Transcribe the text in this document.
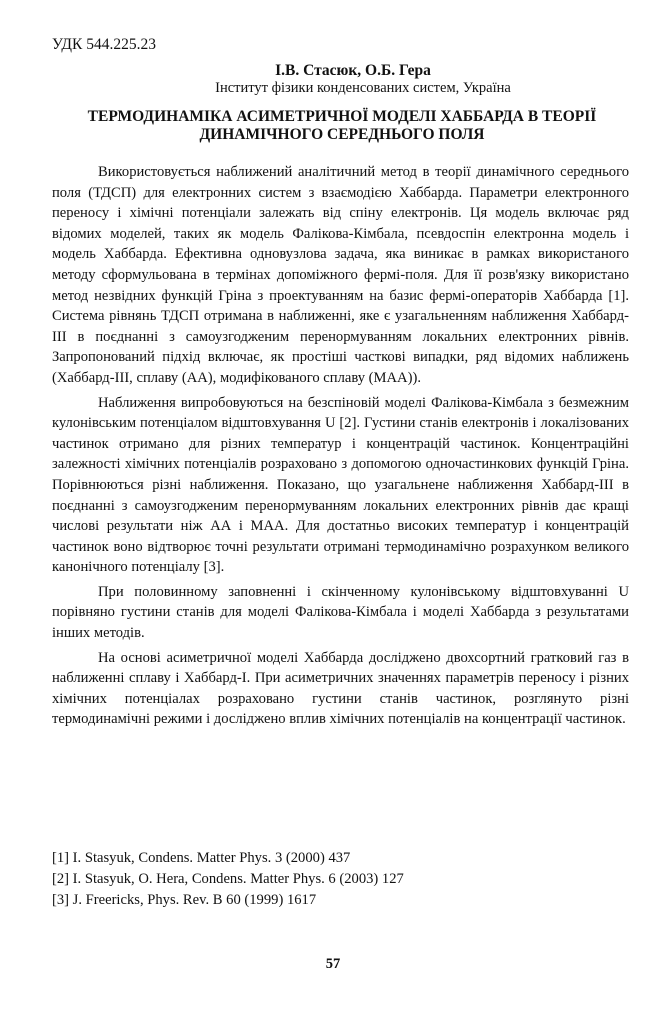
УДК 544.225.23
І.В. Стасюк, О.Б. Гера
Інститут фізики конденсованих систем, Україна
ТЕРМОДИНАМІКА АСИМЕТРИЧНОЇ МОДЕЛІ ХАББАРДА В ТЕОРІЇ ДИНАМІЧНОГО СЕРЕДНЬОГО ПОЛЯ

Використовується наближений аналітичний метод в теорії динамічного середнього поля (ТДСП) для електронних систем з взаємодією Хаббарда. Параметри електронного переносу і хімічні потенціали залежать від спіну електронів. Ця модель включає ряд відомих моделей, таких як модель Фалікова-Кімбала, псевдоспін електронна модель і модель Хаббарда. Ефективна одновузлова задача, яка виникає в рамках використаного методу сформульована в термінах допоміжного фермі-поля. Для її розв'язку використано метод незвідних функцій Гріна з проектуванням на базис фермі-операторів Хаббарда [1]. Система рівнянь ТДСП отримана в наближенні, яке є узагальненням наближення Хаббард-III в поєднанні з самоузгодженим перенормуванням локальних електронних рівнів. Запропонований підхід включає, як простіші часткові випадки, ряд відомих наближень (Хаббард-III, сплаву (АА), модифікованого сплаву (МАА)).

Наближення випробовуються на безспіновій моделі Фалікова-Кімбала з безмежним кулонівським потенціалом відштовхування U [2]. Густини станів електронів і локалізованих частинок отримано для різних температур і концентрацій частинок. Концентраційні залежності хімічних потенціалів розраховано з допомогою одночастинкових функцій Гріна. Порівнюються різні наближення. Показано, що узагальнене наближення Хаббард-III в поєднанні з самоузгодженим перенормуванням локальних електронних рівнів дає кращі числові результати ніж АА і МАА. Для достатньо високих температур і концентрацій частинок воно відтворює точні результати отримані термодинамічно розрахунком великого канонічного потенціалу [3].

При половинному заповненні і скінченному кулонівському відштовхуванні U порівняно густини станів для моделі Фалікова-Кімбала і моделі Хаббарда з результатами інших методів.

На основі асиметричної моделі Хаббарда досліджено двохсортний гратковий газ в наближенні сплаву і Хаббард-I. При асиметричних значеннях параметрів переносу і різних хімічних потенціалах розраховано густини станів частинок, розглянуто різні термодинамічні режими і досліджено вплив хімічних потенціалів на концентрації частинок.

[1] I. Stasyuk, Condens. Matter Phys. 3 (2000) 437
[2] I. Stasyuk, O. Hera, Condens. Matter Phys. 6 (2003) 127
[3] J. Freericks, Phys. Rev. B 60 (1999) 1617
57
